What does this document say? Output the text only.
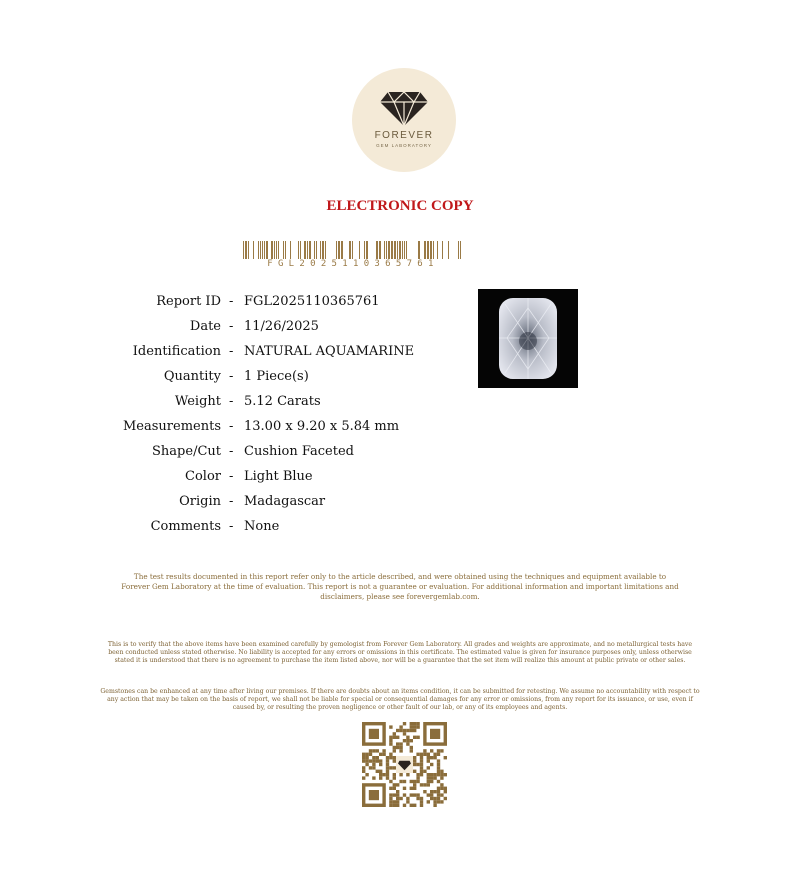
FOREVER
GEM LABORATORY
ELECTRONIC COPY
FGL2025110365761
Report ID - FGL2025110365761
Date - 11/26/2025
Identification - NATURAL AQUAMARINE
Quantity - 1 Piece(s)
Weight - 5.12 Carats
Measurements - 13.00 x 9.20 x 5.84 mm
Shape/Cut - Cushion Faceted
Color - Light Blue
Origin - Madagascar
Comments - None
The test results documented in this report refer only to the article described, and were obtained using the techniques and equipment available to Forever Gem Laboratory at the time of evaluation. This report is not a guarantee or evaluation. For additional information and important limitations and disclaimers, please see forevergemlab.com.
This is to verify that the above items have been examined carefully by gemologist from Forever Gem Laboratory. All grades and weights are approximate, and no metallurgical tests have been conducted unless stated otherwise. No liability is accepted for any errors or omissions in this certificate. The estimated value is given for insurance purposes only, unless otherwise stated it is understood that there is no agreement to purchase the item listed above, nor will be a guarantee that the set item will realize this amount at public private or other sales.
Gemstones can be enhanced at any time after living our premises. If there are doubts about an items condition, it can be submitted for retesting. We assume no accountability with respect to any action that may be taken on the basis of report, we shall not be liable for special or consequential damages for any error or omissions, from any report for its issuance, or use, even if caused by, or resulting the proven negligence or other fault of our lab, or any of its employees and agents.
